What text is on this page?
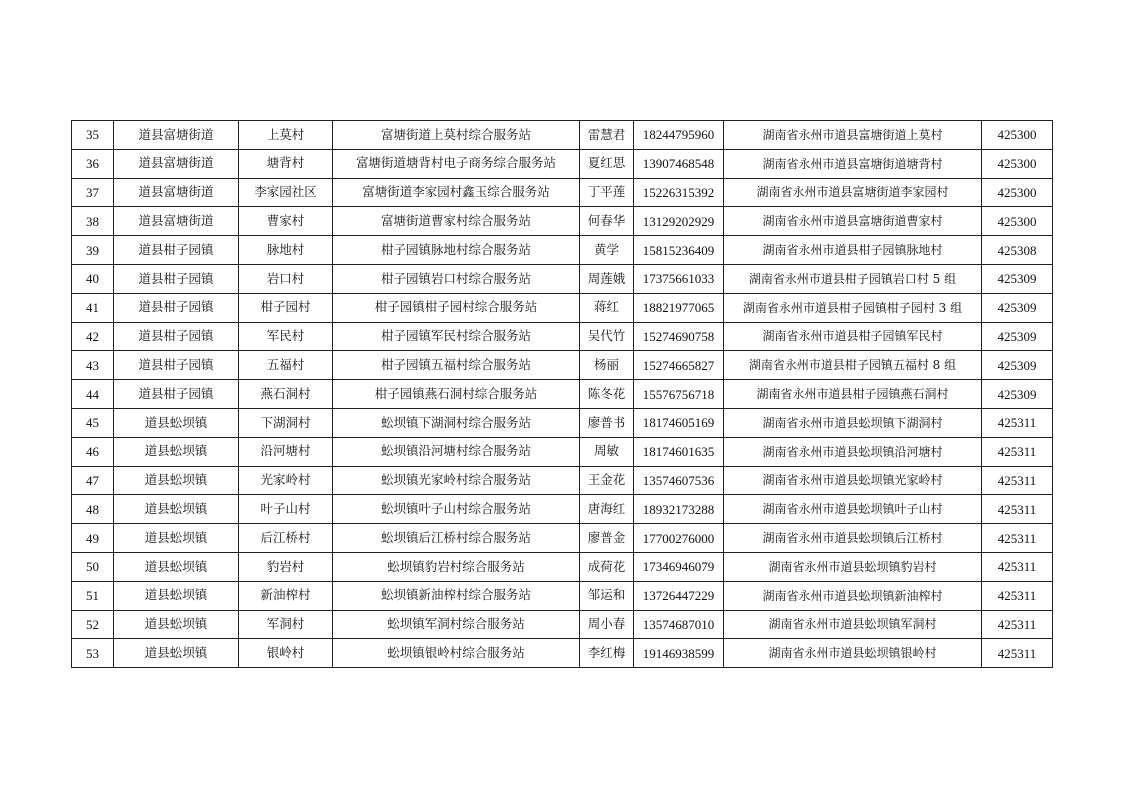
35	道县富塘街道	上莫村	富塘街道上莫村综合服务站	雷慧君	18244795960	湖南省永州市道县富塘街道上莫村	425300
36	道县富塘街道	塘背村	富塘街道塘背村电子商务综合服务站	夏红思	13907468548	湖南省永州市道县富塘街道塘背村	425300
37	道县富塘街道	李家园社区	富塘街道李家园村鑫玉综合服务站	丁平莲	15226315392	湖南省永州市道县富塘街道李家园村	425300
38	道县富塘街道	曹家村	富塘街道曹家村综合服务站	何春华	13129202929	湖南省永州市道县富塘街道曹家村	425300
39	道县柑子园镇	脉地村	柑子园镇脉地村综合服务站	黄学	15815236409	湖南省永州市道县柑子园镇脉地村	425308
40	道县柑子园镇	岩口村	柑子园镇岩口村综合服务站	周莲娥	17375661033	湖南省永州市道县柑子园镇岩口村 5 组	425309
41	道县柑子园镇	柑子园村	柑子园镇柑子园村综合服务站	蒋红	18821977065	湖南省永州市道县柑子园镇柑子园村 3 组	425309
42	道县柑子园镇	军民村	柑子园镇军民村综合服务站	吴代竹	15274690758	湖南省永州市道县柑子园镇军民村	425309
43	道县柑子园镇	五福村	柑子园镇五福村综合服务站	杨丽	15274665827	湖南省永州市道县柑子园镇五福村 8 组	425309
44	道县柑子园镇	燕石洞村	柑子园镇燕石洞村综合服务站	陈冬花	15576756718	湖南省永州市道县柑子园镇燕石洞村	425309
45	道县蚣坝镇	下湖洞村	蚣坝镇下湖洞村综合服务站	廖普书	18174605169	湖南省永州市道县蚣坝镇下湖洞村	425311
46	道县蚣坝镇	沿河塘村	蚣坝镇沿河塘村综合服务站	周敏	18174601635	湖南省永州市道县蚣坝镇沿河塘村	425311
47	道县蚣坝镇	光家岭村	蚣坝镇光家岭村综合服务站	王金花	13574607536	湖南省永州市道县蚣坝镇光家岭村	425311
48	道县蚣坝镇	叶子山村	蚣坝镇叶子山村综合服务站	唐海红	18932173288	湖南省永州市道县蚣坝镇叶子山村	425311
49	道县蚣坝镇	后江桥村	蚣坝镇后江桥村综合服务站	廖普金	17700276000	湖南省永州市道县蚣坝镇后江桥村	425311
50	道县蚣坝镇	豹岩村	蚣坝镇豹岩村综合服务站	成荷花	17346946079	湖南省永州市道县蚣坝镇豹岩村	425311
51	道县蚣坝镇	新油榨村	蚣坝镇新油榨村综合服务站	邹运和	13726447229	湖南省永州市道县蚣坝镇新油榨村	425311
52	道县蚣坝镇	军洞村	蚣坝镇军洞村综合服务站	周小春	13574687010	湖南省永州市道县蚣坝镇军洞村	425311
53	道县蚣坝镇	银岭村	蚣坝镇银岭村综合服务站	李红梅	19146938599	湖南省永州市道县蚣坝镇银岭村	425311
